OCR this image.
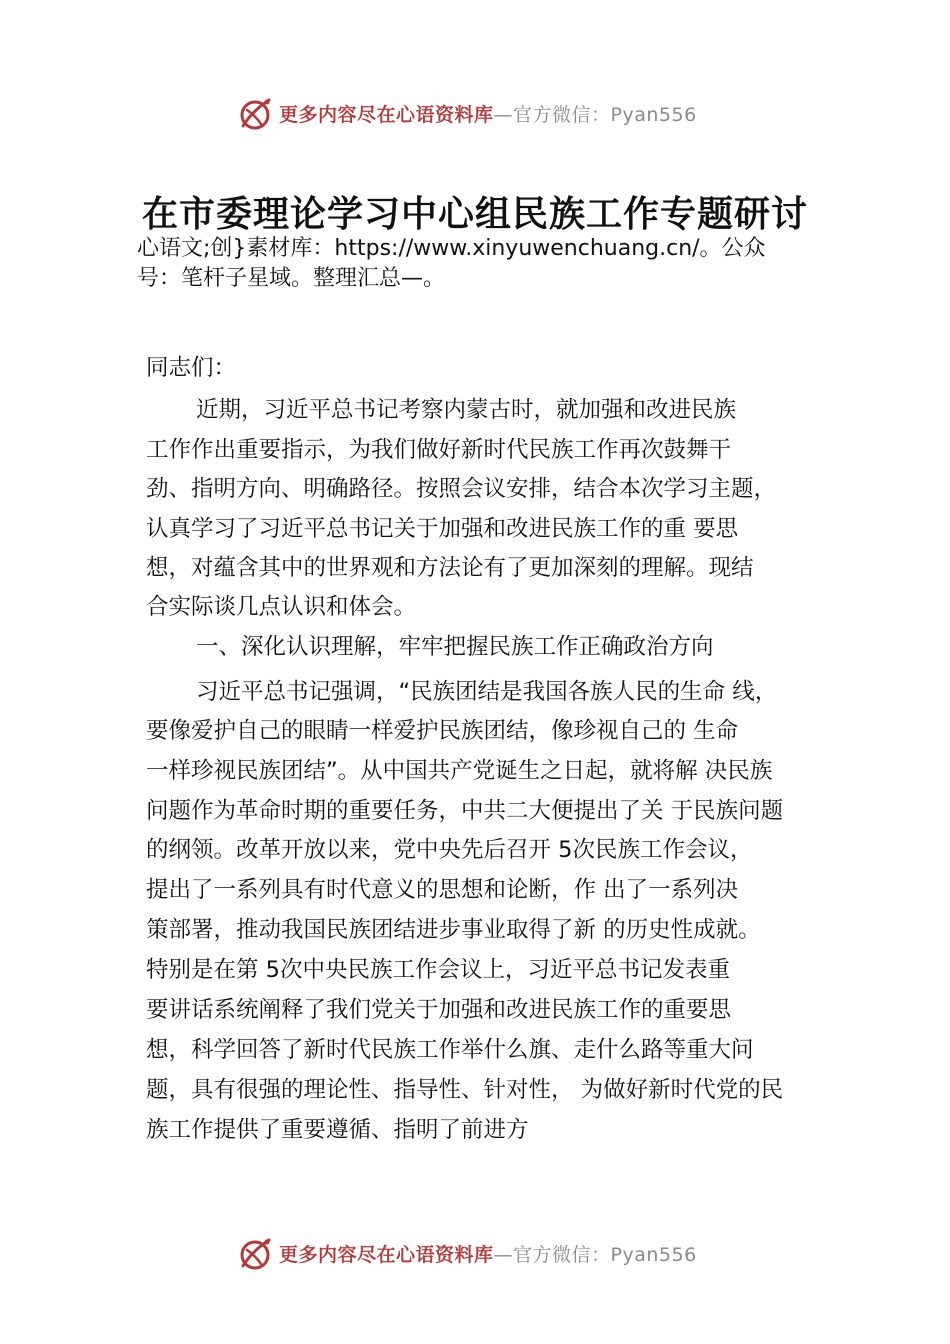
更多内容尽在心语资料库—官方微信：Pyan556
在市委理论学习中心组民族工作专题研讨
心语文;创}素材库：https://www.xinyuwenchuang.cn/。公众
号：笔杆子星域。整理汇总—。
同志们：
近期，习近平总书记考察内蒙古时，就加强和改进民族
工作作出重要指示，为我们做好新时代民族工作再次鼓舞干
劲、指明方向、明确路径。按照会议安排，结合本次学习主题，
认真学习了习近平总书记关于加强和改进民族工作的重 要思
想，对蕴含其中的世界观和方法论有了更加深刻的理解。现结
合实际谈几点认识和体会。
一、深化认识理解，牢牢把握民族工作正确政治方向
习近平总书记强调，“民族团结是我国各族人民的生命 线，
要像爱护自己的眼睛一样爱护民族团结，像珍视自己的 生命
一样珍视民族团结”。从中国共产党诞生之日起，就将解 决民族
问题作为革命时期的重要任务，中共二大便提出了关 于民族问题
的纲领。改革开放以来，党中央先后召开 5次民族工作会议，
提出了一系列具有时代意义的思想和论断，作 出了一系列决
策部署，推动我国民族团结进步事业取得了新 的历史性成就。
特别是在第 5次中央民族工作会议上，习近平总书记发表重
要讲话系统阐释了我们党关于加强和改进民族工作的重要思
想，科学回答了新时代民族工作举什么旗、走什么路等重大问
题，具有很强的理论性、指导性、针对性， 为做好新时代党的民
族工作提供了重要遵循、指明了前进方
更多内容尽在心语资料库—官方微信：Pyan556
